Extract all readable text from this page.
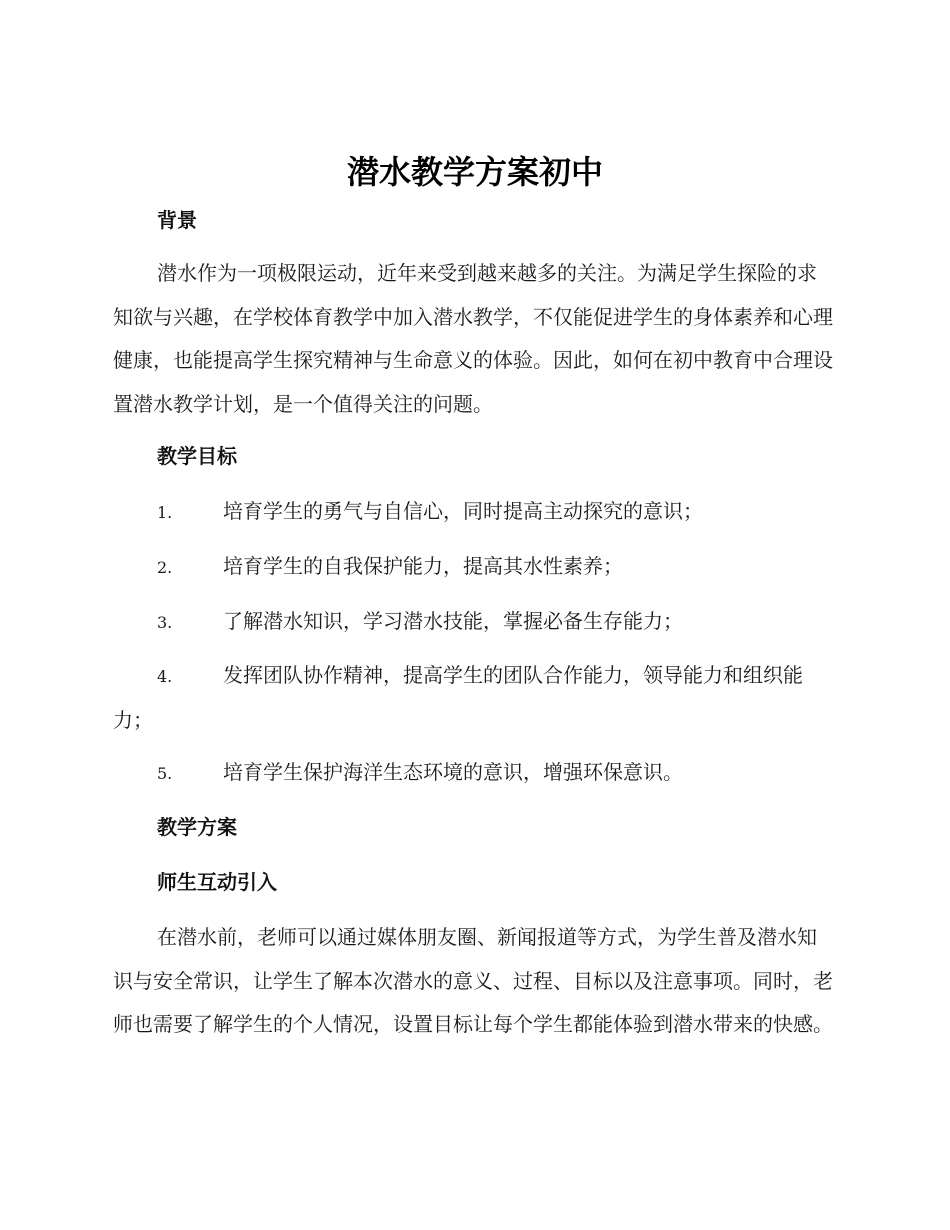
潜水教学方案初中
背景

潜水作为一项极限运动，近年来受到越来越多的关注。为满足学生探险的求知欲与兴趣，在学校体育教学中加入潜水教学，不仅能促进学生的身体素养和心理健康，也能提高学生探究精神与生命意义的体验。因此，如何在初中教育中合理设置潜水教学计划，是一个值得关注的问题。

教学目标
1.	培育学生的勇气与自信心，同时提高主动探究的意识；
2.	培育学生的自我保护能力，提高其水性素养；
3.	了解潜水知识，学习潜水技能，掌握必备生存能力；
4.	发挥团队协作精神，提高学生的团队合作能力，领导能力和组织能力；
5.	培育学生保护海洋生态环境的意识，增强环保意识。
教学方案
师生互动引入

在潜水前，老师可以通过媒体朋友圈、新闻报道等方式，为学生普及潜水知识与安全常识，让学生了解本次潜水的意义、过程、目标以及注意事项。同时，老师也需要了解学生的个人情况，设置目标让每个学生都能体验到潜水带来的快感。
